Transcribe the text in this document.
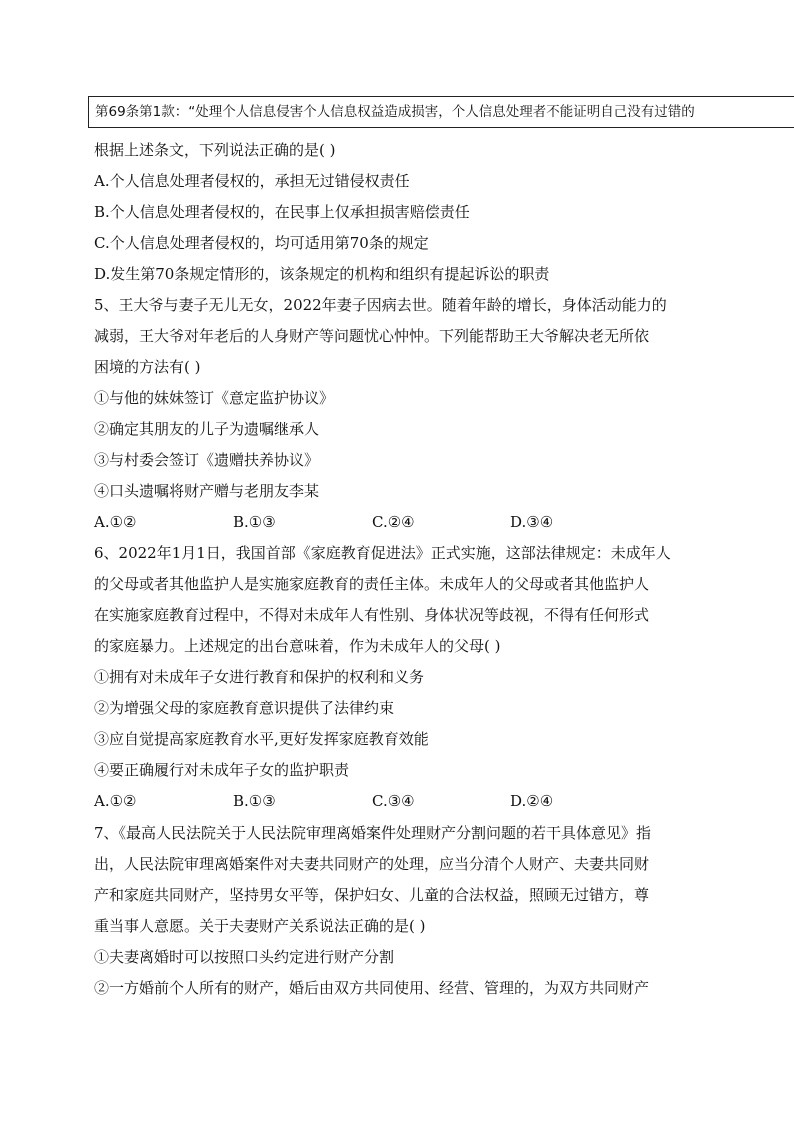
第69条第1款：“处理个人信息侵害个人信息权益造成损害，个人信息处理者不能证明自己没有过错的
根据上述条文，下列说法正确的是( )
A.个人信息处理者侵权的，承担无过错侵权责任
B.个人信息处理者侵权的，在民事上仅承担损害赔偿责任
C.个人信息处理者侵权的，均可适用第70条的规定
D.发生第70条规定情形的，该条规定的机构和组织有提起诉讼的职责
5、王大爷与妻子无儿无女，2022年妻子因病去世。随着年龄的增长，身体活动能力的
减弱，王大爷对年老后的人身财产等问题忧心忡忡。下列能帮助王大爷解决老无所依
困境的方法有( )
①与他的妹妹签订《意定监护协议》
②确定其朋友的儿子为遗嘱继承人
③与村委会签订《遗赠扶养协议》
④口头遗嘱将财产赠与老朋友李某
A.①②	B.①③	C.②④	D.③④
6、2022年1月1日，我国首部《家庭教育促进法》正式实施，这部法律规定：未成年人
的父母或者其他监护人是实施家庭教育的责任主体。未成年人的父母或者其他监护人
在实施家庭教育过程中，不得对未成年人有性别、身体状况等歧视，不得有任何形式
的家庭暴力。上述规定的出台意味着，作为未成年人的父母( )
①拥有对未成年子女进行教育和保护的权利和义务
②为增强父母的家庭教育意识提供了法律约束
③应自觉提高家庭教育水平,更好发挥家庭教育效能
④要正确履行对未成年子女的监护职责
A.①②	B.①③	C.③④	D.②④
7、《最高人民法院关于人民法院审理离婚案件处理财产分割问题的若干具体意见》指
出，人民法院审理离婚案件对夫妻共同财产的处理，应当分清个人财产、夫妻共同财
产和家庭共同财产，坚持男女平等，保护妇女、儿童的合法权益，照顾无过错方，尊
重当事人意愿。关于夫妻财产关系说法正确的是( )
①夫妻离婚时可以按照口头约定进行财产分割
②一方婚前个人所有的财产，婚后由双方共同使用、经营、管理的，为双方共同财产
